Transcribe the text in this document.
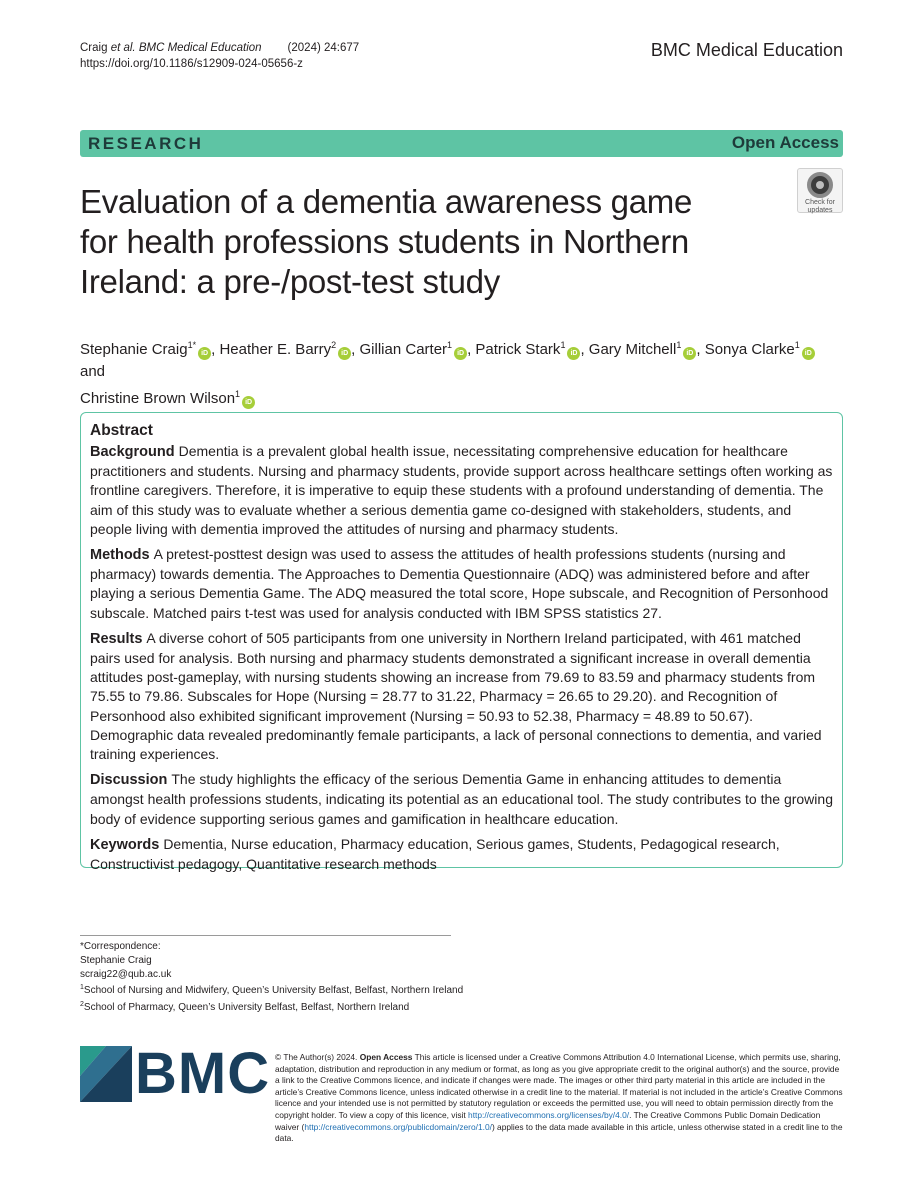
Craig et al. BMC Medical Education (2024) 24:677
https://doi.org/10.1186/s12909-024-05656-z
BMC Medical Education
RESEARCH	Open Access
Check for
updates
Evaluation of a dementia awareness game
for health professions students in Northern
Ireland: a pre-/post-test study
Stephanie Craig$^{1*}$iD , Heather E. Barry$^2$iD , Gillian Carter$^1$iD , Patrick Stark$^1$iD , Gary Mitchell$^1$iD , Sonya Clarke$^1$iD and
Christine Brown Wilson$^1$iD
Abstract

Background Dementia is a prevalent global health issue, necessitating comprehensive education for healthcare practitioners and students. Nursing and pharmacy students, provide support across healthcare settings often working as frontline caregivers. Therefore, it is imperative to equip these students with a profound understanding of dementia. The aim of this study was to evaluate whether a serious dementia game co-designed with stakeholders, students, and people living with dementia improved the attitudes of nursing and pharmacy students.

Methods A pretest-posttest design was used to assess the attitudes of health professions students (nursing and pharmacy) towards dementia. The Approaches to Dementia Questionnaire (ADQ) was administered before and after playing a serious Dementia Game. The ADQ measured the total score, Hope subscale, and Recognition of Personhood subscale. Matched pairs t-test was used for analysis conducted with IBM SPSS statistics 27.

Results A diverse cohort of 505 participants from one university in Northern Ireland participated, with 461 matched pairs used for analysis. Both nursing and pharmacy students demonstrated a significant increase in overall dementia attitudes post-gameplay, with nursing students showing an increase from 79.69 to 83.59 and pharmacy students from 75.55 to 79.86. Subscales for Hope (Nursing = 28.77 to 31.22, Pharmacy = 26.65 to 29.20). and Recognition of Personhood also exhibited significant improvement (Nursing = 50.93 to 52.38, Pharmacy = 48.89 to 50.67). Demographic data revealed predominantly female participants, a lack of personal connections to dementia, and varied training experiences.

Discussion The study highlights the efficacy of the serious Dementia Game in enhancing attitudes to dementia amongst health professions students, indicating its potential as an educational tool. The study contributes to the growing body of evidence supporting serious games and gamification in healthcare education.

Keywords Dementia, Nurse education, Pharmacy education, Serious games, Students, Pedagogical research, Constructivist pedagogy, Quantitative research methods

*Correspondence:
Stephanie Craig
scraig22@qub.ac.uk
$^1$School of Nursing and Midwifery, Queen’s University Belfast, Belfast, Northern Ireland
$^2$School of Pharmacy, Queen’s University Belfast, Belfast, Northern Ireland
BMC © The Author(s) 2024. Open Access This article is licensed under a Creative Commons Attribution 4.0 International License, which permits use, sharing, adaptation, distribution and reproduction in any medium or format, as long as you give appropriate credit to the original author(s) and the source, provide a link to the Creative Commons licence, and indicate if changes were made. The images or other third party material in this article are included in the article’s Creative Commons licence, unless indicated otherwise in a credit line to the material. If material is not included in the article’s Creative Commons licence and your intended use is not permitted by statutory regulation or exceeds the permitted use, you will need to obtain permission directly from the copyright holder. To view a copy of this licence, visit http://creativecommons.org/licenses/by/4.0/. The Creative Commons Public Domain Dedication waiver (http://creativecommons.org/publicdomain/zero/1.0/) applies to the data made available in this article, unless otherwise stated in a credit line to the data.
